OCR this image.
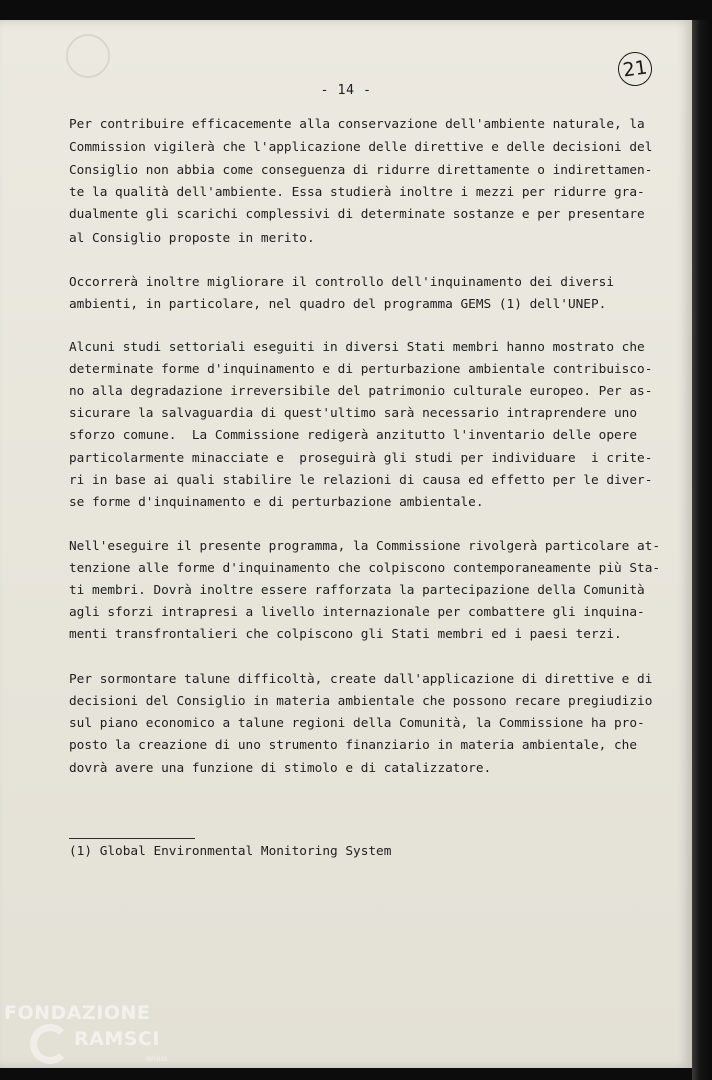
21
- 14 -
Per contribuire efficacemente alla conservazione dell'ambiente naturale, la
Commission vigilerà che l'applicazione delle direttive e delle decisioni del
Consiglio non abbia come conseguenza di ridurre direttamente o indirettamen-
te la qualità dell'ambiente. Essa studierà inoltre i mezzi per ridurre gra-
dualmente gli scarichi complessivi di determinate sostanze e per presentare
al Consiglio proposte in merito.
Occorrerà inoltre migliorare il controllo dell'inquinamento dei diversi
ambienti, in particolare, nel quadro del programma GEMS (1) dell'UNEP.
Alcuni studi settoriali eseguiti in diversi Stati membri hanno mostrato che
determinate forme d'inquinamento e di perturbazione ambientale contribuisco-
no alla degradazione irreversibile del patrimonio culturale europeo. Per as-
sicurare la salvaguardia di quest'ultimo sarà necessario intraprendere uno
sforzo comune.  La Commissione redigerà anzitutto l'inventario delle opere
particolarmente minacciate e  proseguirà gli studi per individuare  i crite-
ri in base ai quali stabilire le relazioni di causa ed effetto per le diver-
se forme d'inquinamento e di perturbazione ambientale.
Nell'eseguire il presente programma, la Commissione rivolgerà particolare at-
tenzione alle forme d'inquinamento che colpiscono contemporaneamente più Sta-
ti membri. Dovrà inoltre essere rafforzata la partecipazione della Comunità
agli sforzi intrapresi a livello internazionale per combattere gli inquina-
menti transfrontalieri che colpiscono gli Stati membri ed i paesi terzi.
Per sormontare talune difficoltà, create dall'applicazione di direttive e di
decisioni del Consiglio in materia ambientale che possono recare pregiudizio
sul piano economico a talune regioni della Comunità, la Commissione ha pro-
posto la creazione di uno strumento finanziario in materia ambientale, che
dovrà avere una funzione di stimolo e di catalizzatore.
(1) Global Environmental Monitoring System
FONDAZIONE
RAMSCI
onlus
